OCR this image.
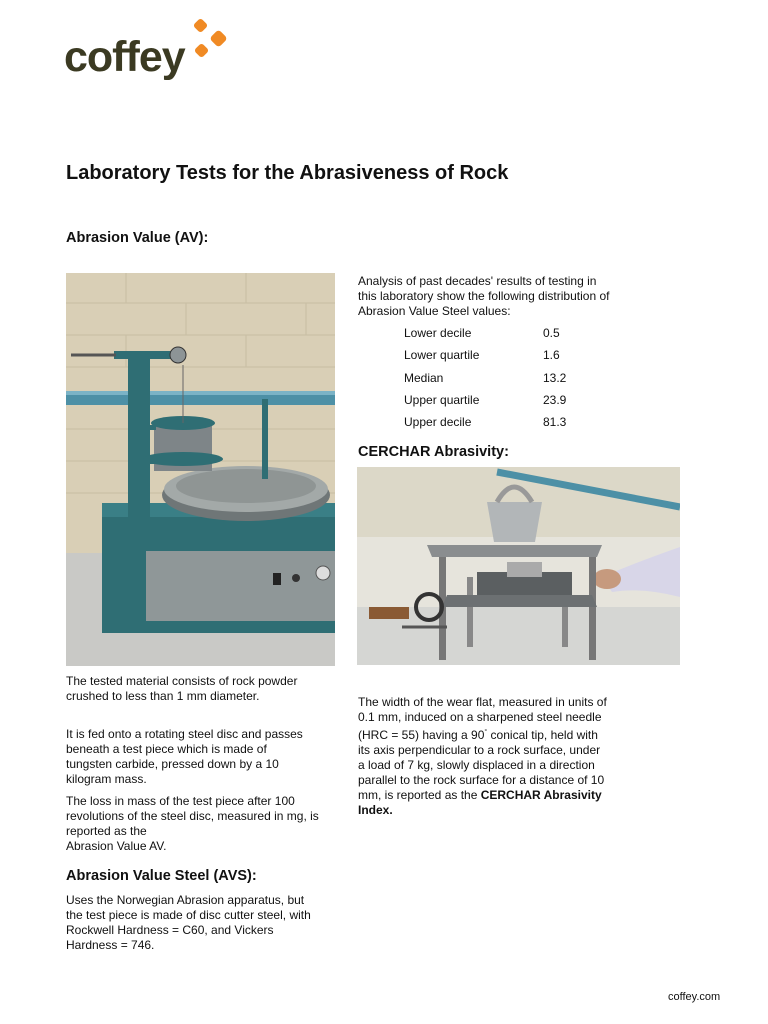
coffey
Laboratory Tests for the Abrasiveness of Rock
Abrasion Value (AV):
The tested material consists of rock powder crushed to less than 1 mm diameter.
It is fed onto a rotating steel disc and passes beneath a test piece which is made of tungsten carbide, pressed down by a 10 kilogram mass.
The loss in mass of the test piece after 100 revolutions of the steel disc, measured in mg, is reported as the
Abrasion Value AV.
Analysis of past decades' results of testing in this laboratory show the following distribution of Abrasion Value Steel values:
Lower decile	0.5
Lower quartile	1.6
Median	13.2
Upper quartile	23.9
Upper decile	81.3
CERCHAR Abrasivity:
The width of the wear flat, measured in units of 0.1 mm, induced on a sharpened steel needle (HRC = 55) having a 90° conical tip, held with its axis perpendicular to a rock surface, under a load of 7 kg, slowly displaced in a direction parallel to the rock surface for a distance of 10 mm, is reported as the CERCHAR Abrasivity Index.
Abrasion Value Steel (AVS):
Uses the Norwegian Abrasion apparatus, but the test piece is made of disc cutter steel, with Rockwell Hardness = C60, and Vickers Hardness = 746.
coffey.com
